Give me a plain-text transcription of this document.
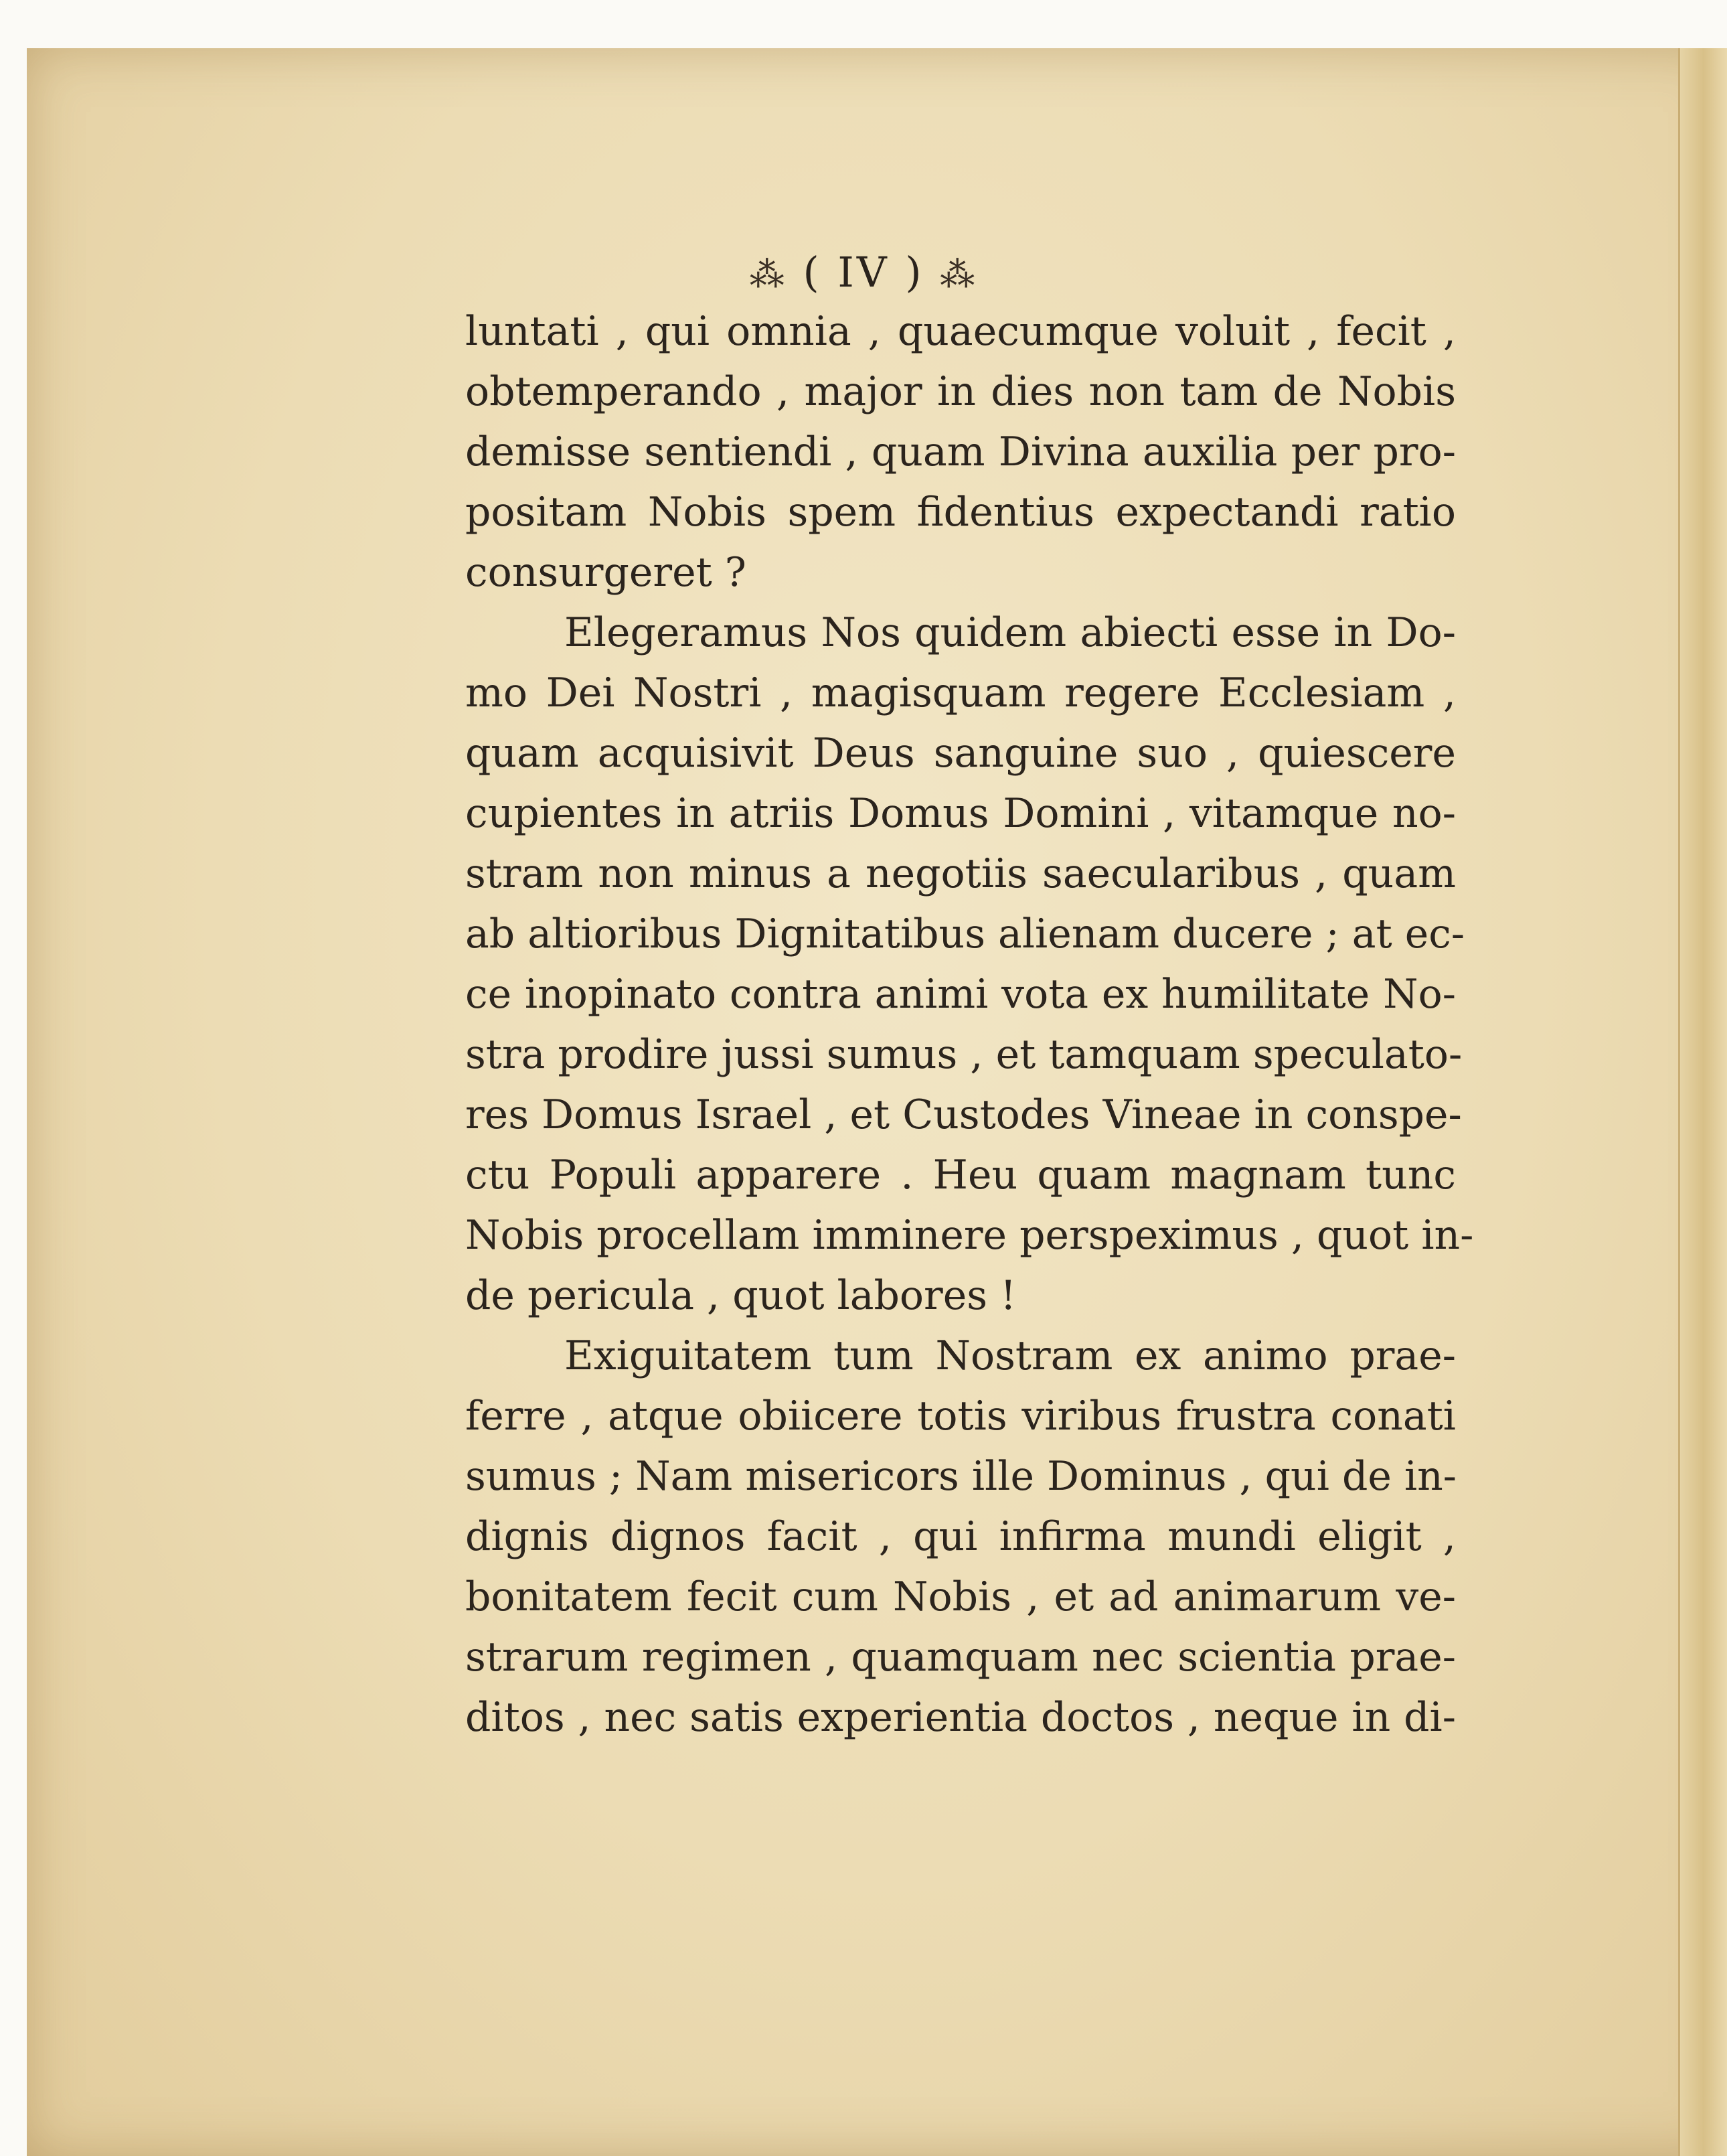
⁂ ( IV ) ⁂
luntati , qui omnia , quaecumque voluit , fecit ,
obtemperando , major in dies non tam de Nobis
demisse sentiendi , quam Divina auxilia per pro-
positam Nobis spem fidentius expectandi ratio
consurgeret ?
Elegeramus Nos quidem abiecti esse in Do-
mo Dei Nostri , magisquam regere Ecclesiam ,
quam acquisivit Deus sanguine suo , quiescere
cupientes in atriis Domus Domini , vitamque no-
stram non minus a negotiis saecularibus , quam
ab altioribus Dignitatibus alienam ducere ; at ec-
ce inopinato contra animi vota ex humilitate No-
stra prodire jussi sumus , et tamquam speculato-
res Domus Israel , et Custodes Vineae in conspe-
ctu Populi apparere . Heu quam magnam tunc
Nobis procellam imminere perspeximus , quot in-
de pericula , quot labores !
Exiguitatem tum Nostram ex animo prae-
ferre , atque obiicere totis viribus frustra conati
sumus ; Nam misericors ille Dominus , qui de in-
dignis dignos facit , qui infirma mundi eligit ,
bonitatem fecit cum Nobis , et ad animarum ve-
strarum regimen , quamquam nec scientia prae-
ditos , nec satis experientia doctos , neque in di-
